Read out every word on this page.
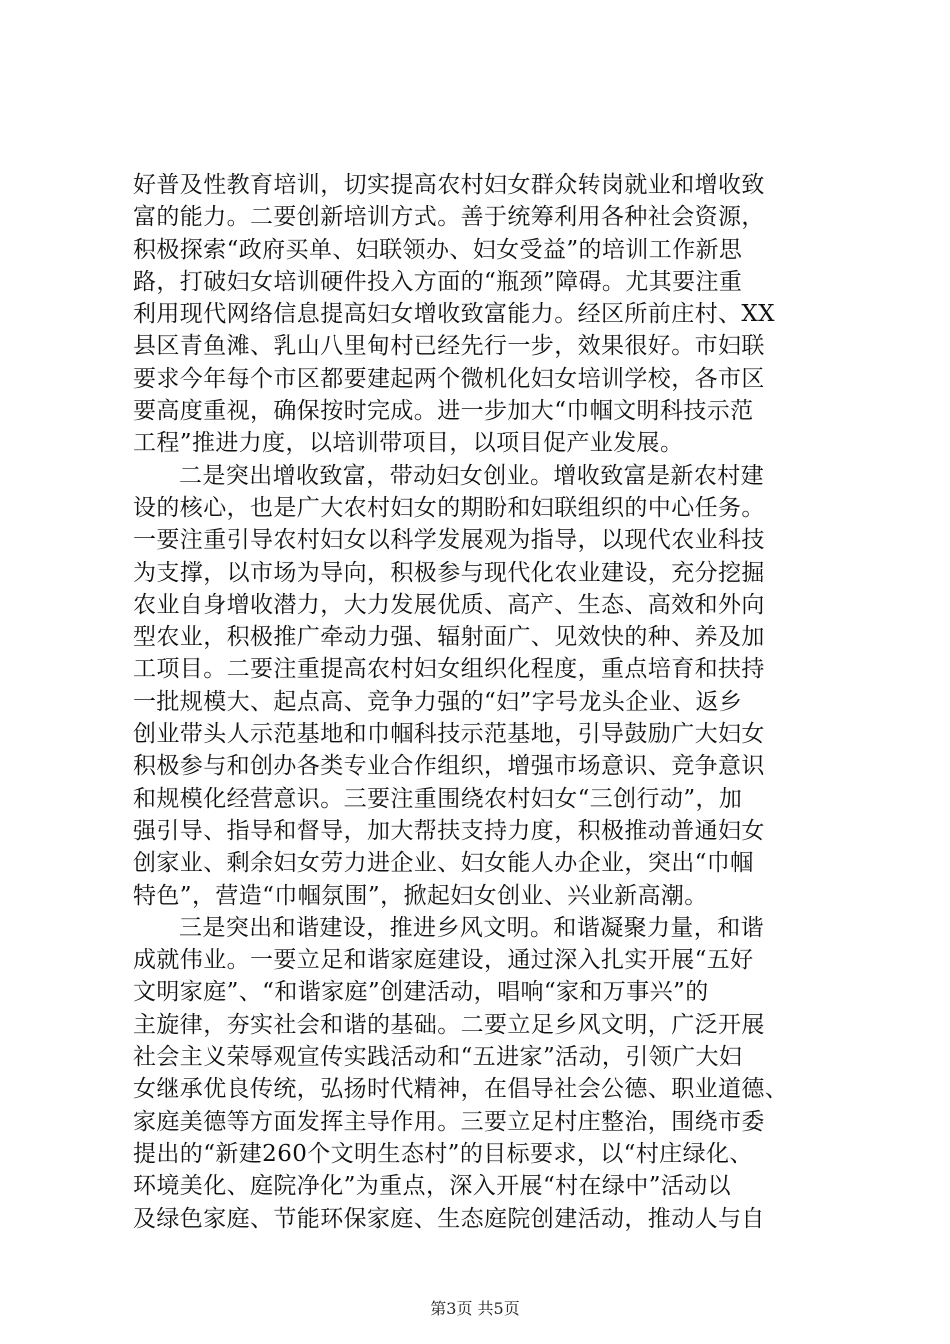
好普及性教育培训，切实提高农村妇女群众转岗就业和增收致
富的能力。二要创新培训方式。善于统筹利用各种社会资源，
积极探索“政府买单、妇联领办、妇女受益”的培训工作新思
路，打破妇女培训硬件投入方面的“瓶颈”障碍。尤其要注重
利用现代网络信息提高妇女增收致富能力。经区所前庄村、XX
县区青鱼滩、乳山八里甸村已经先行一步，效果很好。市妇联
要求今年每个市区都要建起两个微机化妇女培训学校，各市区
要高度重视，确保按时完成。进一步加大“巾帼文明科技示范
工程”推进力度，以培训带项目，以项目促产业发展。
二是突出增收致富，带动妇女创业。增收致富是新农村建
设的核心，也是广大农村妇女的期盼和妇联组织的中心任务。
一要注重引导农村妇女以科学发展观为指导，以现代农业科技
为支撑，以市场为导向，积极参与现代化农业建设，充分挖掘
农业自身增收潜力，大力发展优质、高产、生态、高效和外向
型农业，积极推广牵动力强、辐射面广、见效快的种、养及加
工项目。二要注重提高农村妇女组织化程度，重点培育和扶持
一批规模大、起点高、竞争力强的“妇”字号龙头企业、返乡
创业带头人示范基地和巾帼科技示范基地，引导鼓励广大妇女
积极参与和创办各类专业合作组织，增强市场意识、竞争意识
和规模化经营意识。三要注重围绕农村妇女“三创行动”，加
强引导、指导和督导，加大帮扶支持力度，积极推动普通妇女
创家业、剩余妇女劳力进企业、妇女能人办企业，突出“巾帼
特色”，营造“巾帼氛围”，掀起妇女创业、兴业新高潮。
三是突出和谐建设，推进乡风文明。和谐凝聚力量，和谐
成就伟业。一要立足和谐家庭建设，通过深入扎实开展“五好
文明家庭”、“和谐家庭”创建活动，唱响“家和万事兴”的
主旋律，夯实社会和谐的基础。二要立足乡风文明，广泛开展
社会主义荣辱观宣传实践活动和“五进家”活动，引领广大妇
女继承优良传统，弘扬时代精神，在倡导社会公德、职业道德、
家庭美德等方面发挥主导作用。三要立足村庄整治，围绕市委
提出的“新建260个文明生态村”的目标要求，以“村庄绿化、
环境美化、庭院净化”为重点，深入开展“村在绿中”活动以
及绿色家庭、节能环保家庭、生态庭院创建活动，推动人与自
第3页 共5页
